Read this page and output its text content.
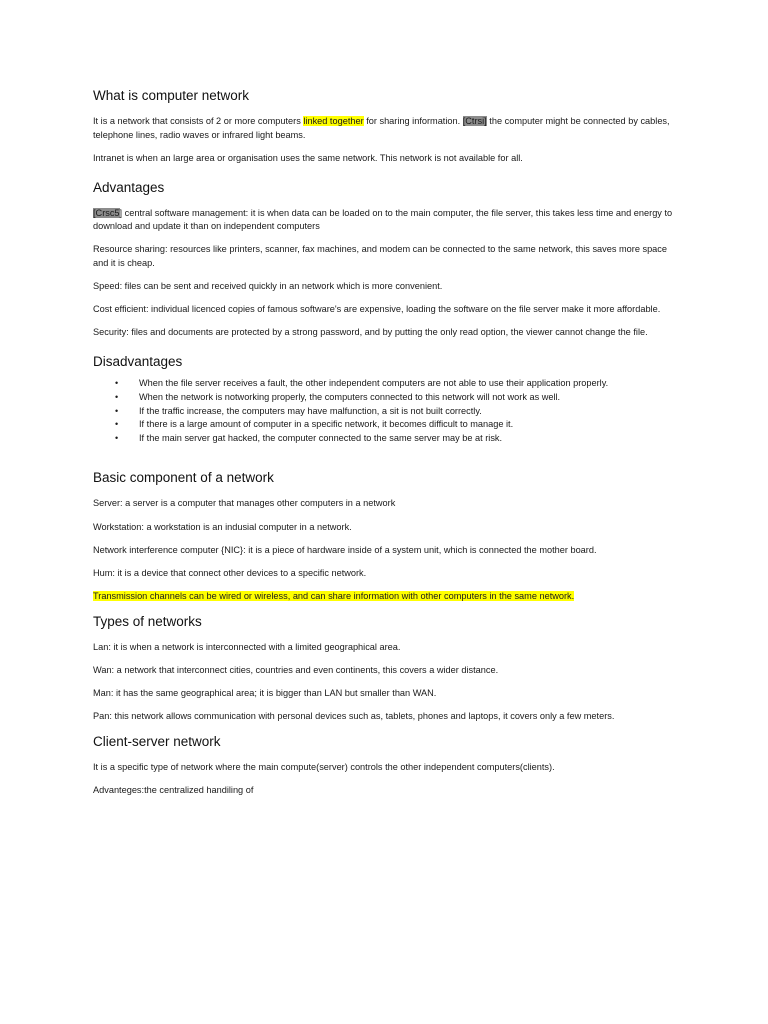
What is computer network

It is a network that consists of 2 or more computers linked together for sharing information. [Ctrsi] the computer might be connected by cables, telephone lines, radio waves or infrared light beams.

Intranet is when an large area or organisation uses the same network. This network is not available for all.

Advantages

[Crsc5] central software management: it is when data can be loaded on to the main computer, the file server, this takes less time and energy to download and update it than on independent computers

Resource sharing: resources like printers, scanner, fax machines, and modem can be connected to the same network, this saves more space and it is cheap.

Speed: files can be sent and received quickly in an network which is more convenient.

Cost efficient: individual licenced copies of famous software's are expensive, loading the software on the file server make it more affordable.

Security: files and documents are protected by a strong password, and by putting the only read option, the viewer cannot change the file.

Disadvantages
• When the file server receives a fault, the other independent computers are not able to use their application properly.
• When the network is notworking properly, the computers connected to this network will not work as well.
• If the traffic increase, the computers may have malfunction, a sit is not built correctly.
• If there is a large amount of computer in a specific network, it becomes difficult to manage it.
• If the main server gat hacked, the computer connected to the same server may be at risk.
Basic component of a network

Server: a server is a computer that manages other computers in a network

Workstation: a workstation is an indusial computer in a network.

Network interference computer {NIC}: it is a piece of hardware inside of a system unit, which is connected the mother board.

Hum: it is a device that connect other devices to a specific network.

Transmission channels can be wired or wireless, and can share information with other computers in the same network.

Types of networks

Lan: it is when a network is interconnected with a limited geographical area.

Wan: a network that interconnect cities, countries and even continents, this covers a wider distance.

Man: it has the same geographical area; it is bigger than LAN but smaller than WAN.

Pan: this network allows communication with personal devices such as, tablets, phones and laptops, it covers only a few meters.

Client-server network

It is a specific type of network where the main compute(server) controls the other independent computers(clients).

Advanteges:the centralized handiling of
